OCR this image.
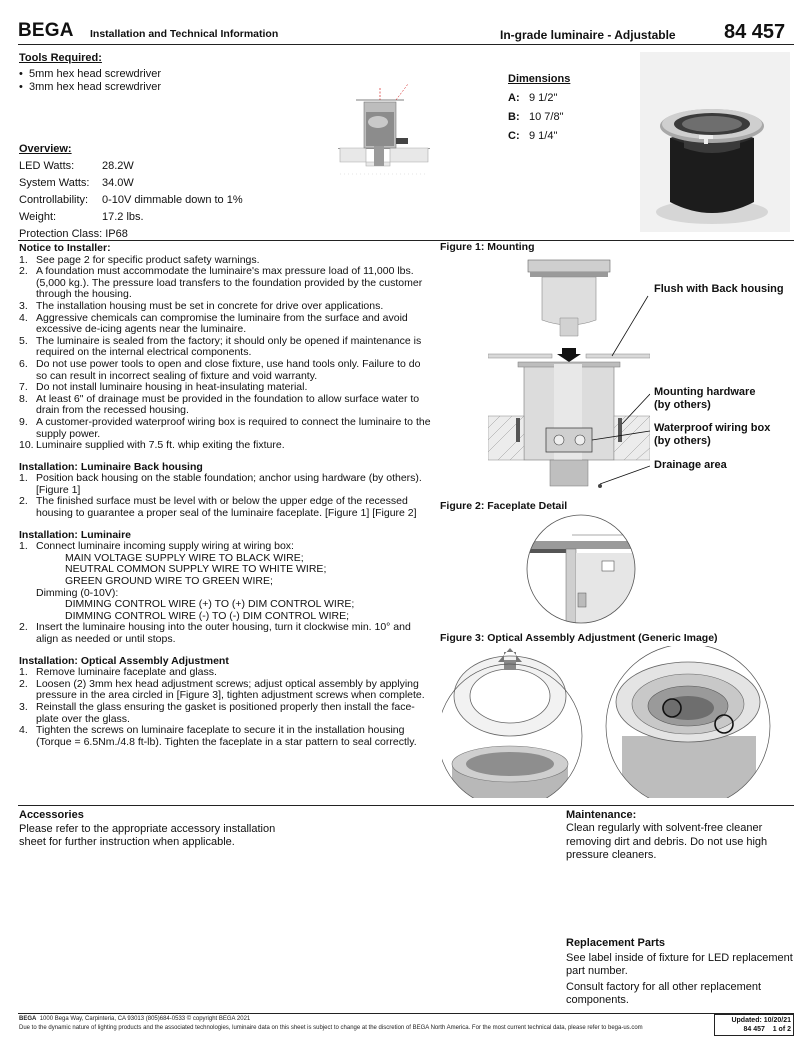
BEGA Installation and Technical Information	In-grade luminaire - Adjustable 84 457
Tools Required:
•  5mm hex head screwdriver
•  3mm hex head screwdriver
Dimensions
A: 9 1/2"
B: 10 7/8"
C: 9 1/4"
Overview:
LED Watts:	28.2W
System Watts:	34.0W
Controllability:	0-10V dimmable down to 1%
Weight:	17.2 lbs.
Protection Class:
IP68
Notice to Installer:
1. See page 2 for specific product safety warnings.
2. A foundation must accommodate the luminaire's max pressure load of 11,000 lbs. (5,000 kg.). The pressure load transfers to the foundation provided by the customer through the housing.
3. The installation housing must be set in concrete for drive over applications.
4. Aggressive chemicals can compromise the luminaire from the surface and avoid excessive de-icing agents near the luminaire.
5. The luminaire is sealed from the factory; it should only be opened if maintenance is required on the internal electrical components.
6. Do not use power tools to open and close fixture, use hand tools only. Failure to do so can result in incorrect sealing of fixture and void warranty.
7. Do not install luminaire housing in heat-insulating material.
8. At least 6" of drainage must be provided in the foundation to allow surface water to drain from the recessed housing.
9. A customer-provided waterproof wiring box is required to connect the luminaire to the supply power.
10. Luminaire supplied with 7.5 ft. whip exiting the fixture.
Installation: Luminaire Back housing
1. Position back housing on the stable foundation; anchor using hardware (by others). [Figure 1]
2. The finished surface must be level with or below the upper edge of the recessed housing to guarantee a proper seal of the luminaire faceplate. [Figure 1] [Figure 2]
Installation: Luminaire
1. Connect luminaire incoming supply wiring at wiring box:
MAIN VOLTAGE SUPPLY WIRE TO BLACK WIRE;
NEUTRAL COMMON SUPPLY WIRE TO WHITE WIRE;
GREEN GROUND WIRE TO GREEN WIRE;
Dimming (0-10V):
DIMMING CONTROL WIRE (+) TO (+) DIM CONTROL WIRE;
DIMMING CONTROL WIRE (-) TO (-) DIM CONTROL WIRE;
2. Insert the luminaire housing into the outer housing, turn it clockwise min. 10° and align as needed or until stops.
Installation: Optical Assembly Adjustment
1. Remove luminaire faceplate and glass.
2. Loosen (2) 3mm hex head adjustment screws; adjust optical assembly by applying pressure in the area circled in [Figure 3], tighten adjustment screws when complete.
3. Reinstall the glass ensuring the gasket is positioned properly then install the face-plate over the glass.
4. Tighten the screws on luminaire faceplate to secure it in the installation housing (Torque = 6.5Nm./4.8 ft-lb). Tighten the faceplate in a star pattern to seal correctly.
Figure 1: Mounting
Flush with Back housing
Mounting hardware (by others)
Waterproof wiring box (by others)
Drainage area
Figure 2: Faceplate Detail
Figure 3: Optical Assembly Adjustment (Generic Image)
Accessories
Please refer to the appropriate accessory installation sheet for further instruction when applicable.
Maintenance:
Clean regularly with solvent-free cleaner removing dirt and debris. Do not use high pressure cleaners.
Replacement Parts
See label inside of fixture for LED replacement part number.
Consult factory for all other replacement components.
BEGA 1000 Bega Way, Carpinteria, CA 93013 (805)684-0533 © copyright BEGA 2021
Due to the dynamic nature of lighting products and the associated technologies, luminaire data on this sheet is subject to change at the discretion of BEGA North America. For the most current technical data, please refer to bega-us.com
Updated: 10/20/21
84 457 1 of 2
